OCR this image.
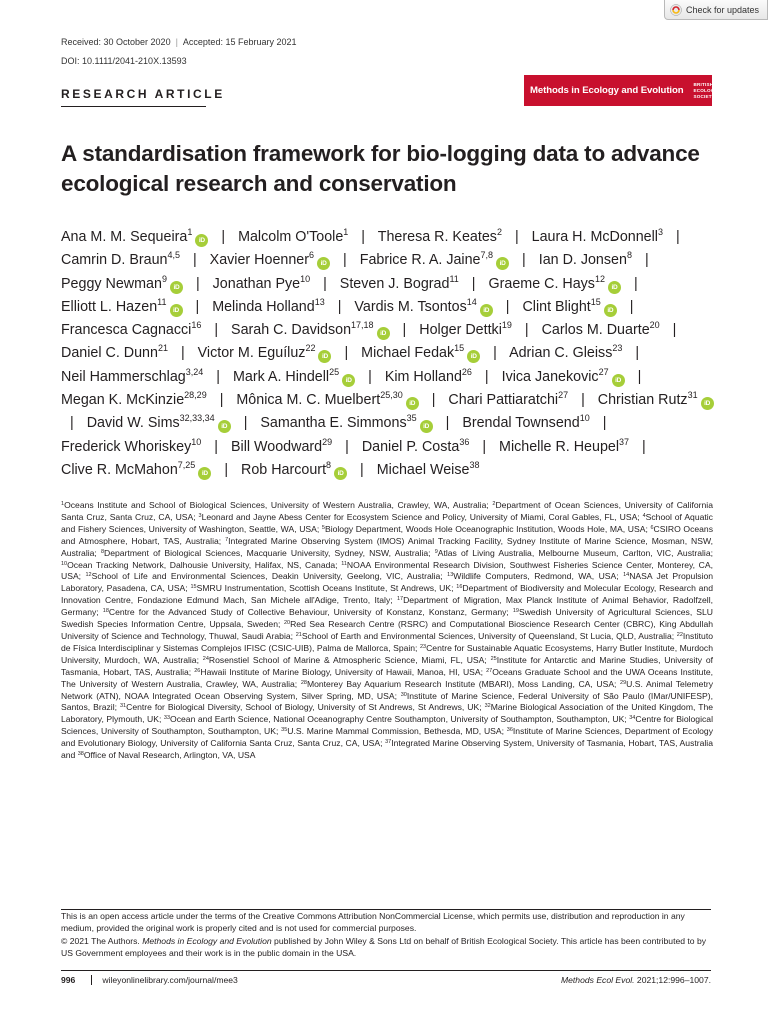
Check for updates
Received: 30 October 2020 | Accepted: 15 February 2021
DOI: 10.1111/2041-210X.13593
RESEARCH ARTICLE	Methods in Ecology and Evolution
BRITISH
ECOLOGICAL
SOCIETY
A standardisation framework for bio-logging data to advance ecological research and conservation
Ana M. M. Sequeira$^1$iD | Malcolm O'Toole$^1$ | Theresa R. Keates$^2$ | Laura H. McDonnell$^3$ | Camrin D. Braun$^{4,5}$ | Xavier Hoenner$^6$iD | Fabrice R. A. Jaine$^{7,8}$iD | Ian D. Jonsen$^8$ | Peggy Newman$^9$iD | Jonathan Pye$^{10}$ | Steven J. Bograd$^{11}$ | Graeme C. Hays$^{12}$iD | Elliott L. Hazen$^{11}$iD | Melinda Holland$^{13}$ | Vardis M. Tsontos$^{14}$iD | Clint Blight$^{15}$iD | Francesca Cagnacci$^{16}$ | Sarah C. Davidson$^{17,18}$iD | Holger Dettki$^{19}$ | Carlos M. Duarte$^{20}$ | Daniel C. Dunn$^{21}$ | Victor M. Eguíluz$^{22}$iD | Michael Fedak$^{15}$iD | Adrian C. Gleiss$^{23}$ | Neil Hammerschlag$^{3,24}$ | Mark A. Hindell$^{25}$iD | Kim Holland$^{26}$ | Ivica Janekovic$^{27}$iD | Megan K. McKinzie$^{28,29}$ | Mônica M. C. Muelbert$^{25,30}$iD | Chari Pattiaratchi$^{27}$ | Christian Rutz$^{31}$iD | David W. Sims$^{32,33,34}$iD | Samantha E. Simmons$^{35}$iD | Brendal Townsend$^{10}$ | Frederick Whoriskey$^{10}$ | Bill Woodward$^{29}$ | Daniel P. Costa$^{36}$ | Michelle R. Heupel$^{37}$ | Clive R. McMahon$^{7,25}$iD | Rob Harcourt$^8$iD | Michael Weise$^{38}$
$^1$Oceans Institute and School of Biological Sciences, University of Western Australia, Crawley, WA, Australia; $^2$Department of Ocean Sciences, University of California Santa Cruz, Santa Cruz, CA, USA; $^3$Leonard and Jayne Abess Center for Ecosystem Science and Policy, University of Miami, Coral Gables, FL, USA; $^4$School of Aquatic and Fishery Sciences, University of Washington, Seattle, WA, USA; $^5$Biology Department, Woods Hole Oceanographic Institution, Woods Hole, MA, USA; $^6$CSIRO Oceans and Atmosphere, Hobart, TAS, Australia; $^7$Integrated Marine Observing System (IMOS) Animal Tracking Facility, Sydney Institute of Marine Science, Mosman, NSW, Australia; $^8$Department of Biological Sciences, Macquarie University, Sydney, NSW, Australia; $^9$Atlas of Living Australia, Melbourne Museum, Carlton, VIC, Australia; $^{10}$Ocean Tracking Network, Dalhousie University, Halifax, NS, Canada; $^{11}$NOAA Environmental Research Division, Southwest Fisheries Science Center, Monterey, CA, USA; $^{12}$School of Life and Environmental Sciences, Deakin University, Geelong, VIC, Australia; $^{13}$Wildlife Computers, Redmond, WA, USA; $^{14}$NASA Jet Propulsion Laboratory, Pasadena, CA, USA; $^{15}$SMRU Instrumentation, Scottish Oceans Institute, St Andrews, UK; $^{16}$Department of Biodiversity and Molecular Ecology, Research and Innovation Centre, Fondazione Edmund Mach, San Michele all'Adige, Trento, Italy; $^{17}$Department of Migration, Max Planck Institute of Animal Behavior, Radolfzell, Germany; $^{18}$Centre for the Advanced Study of Collective Behaviour, University of Konstanz, Konstanz, Germany; $^{19}$Swedish University of Agricultural Sciences, SLU Swedish Species Information Centre, Uppsala, Sweden; $^{20}$Red Sea Research Centre (RSRC) and Computational Bioscience Research Center (CBRC), King Abdullah University of Science and Technology, Thuwal, Saudi Arabia; $^{21}$School of Earth and Environmental Sciences, University of Queensland, St Lucia, QLD, Australia; $^{22}$Instituto de Física Interdisciplinar y Sistemas Complejos IFISC (CSIC-UIB), Palma de Mallorca, Spain; $^{23}$Centre for Sustainable Aquatic Ecosystems, Harry Butler Institute, Murdoch University, Murdoch, WA, Australia; $^{24}$Rosenstiel School of Marine & Atmospheric Science, Miami, FL, USA; $^{25}$Institute for Antarctic and Marine Studies, University of Tasmania, Hobart, TAS, Australia; $^{26}$Hawaii Institute of Marine Biology, University of Hawaii, Manoa, HI, USA; $^{27}$Oceans Graduate School and the UWA Oceans Institute, The University of Western Australia, Crawley, WA, Australia; $^{28}$Monterey Bay Aquarium Research Institute (MBARI), Moss Landing, CA, USA; $^{29}$U.S. Animal Telemetry Network (ATN), NOAA Integrated Ocean Observing System, Silver Spring, MD, USA; $^{30}$Institute of Marine Science, Federal University of São Paulo (IMar/UNIFESP), Santos, Brazil; $^{31}$Centre for Biological Diversity, School of Biology, University of St Andrews, St Andrews, UK; $^{32}$Marine Biological Association of the United Kingdom, The Laboratory, Plymouth, UK; $^{33}$Ocean and Earth Science, National Oceanography Centre Southampton, University of Southampton, Southampton, UK; $^{34}$Centre for Biological Sciences, University of Southampton, Southampton, UK; $^{35}$U.S. Marine Mammal Commission, Bethesda, MD, USA; $^{36}$Institute of Marine Sciences, Department of Ecology and Evolutionary Biology, University of California Santa Cruz, Santa Cruz, CA, USA; $^{37}$Integrated Marine Observing System, University of Tasmania, Hobart, TAS, Australia and $^{38}$Office of Naval Research, Arlington, VA, USA

This is an open access article under the terms of the Creative Commons Attribution NonCommercial License, which permits use, distribution and reproduction in any medium, provided the original work is properly cited and is not used for commercial purposes.

© 2021 The Authors. Methods in Ecology and Evolution published by John Wiley & Sons Ltd on behalf of British Ecological Society. This article has been contributed to by US Government employees and their work is in the public domain in the USA.

996	wileyonlinelibrary.com/journal/mee3	Methods Ecol Evol. 2021;12:996–1007.
